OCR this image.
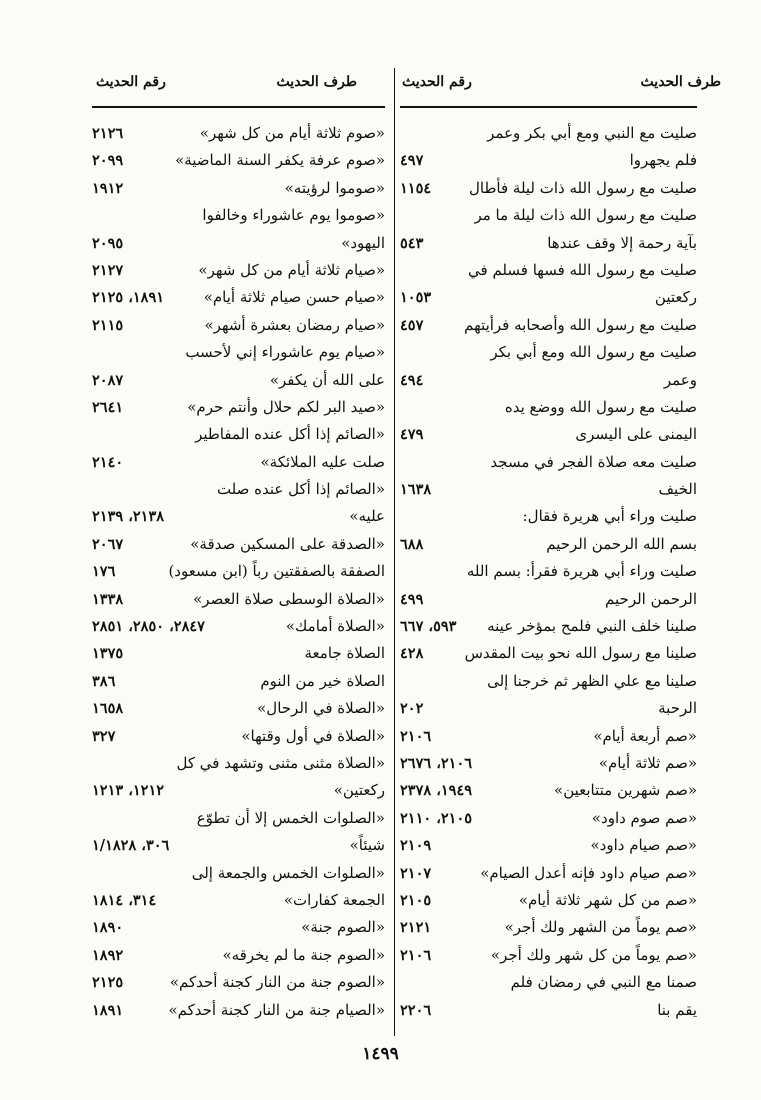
طرف الحديث
رقم الحديث
طرف الحديث
رقم الحديث
صليت مع النبي ومع أبي بكر وعمر
فلم يجهروا
٤٩٧
صليت مع رسول الله ذات ليلة فأطال
١١٥٤
صليت مع رسول الله ذات ليلة ما مر
بآية رحمة إلا وقف عندها
٥٤٣
صليت مع رسول الله فسها فسلم في
ركعتين
١٠٥٣
صليت مع رسول الله وأصحابه فرأيتهم
٤٥٧
صليت مع رسول الله ومع أبي بكر
وعمر
٤٩٤
صليت مع رسول الله ووضع يده
اليمنى على اليسرى
٤٧٩
صليت معه صلاة الفجر في مسجد
الخيف
١٦٣٨
صليت وراء أبي هريرة فقال:
بسم الله الرحمن الرحيم
٦٨٨
صليت وراء أبي هريرة فقرأ: بسم الله
الرحمن الرحيم
٤٩٩
صلينا خلف النبي فلمح بمؤخر عينه
٥٩٣، ٦٦٧
صلينا مع رسول الله نحو بيت المقدس
٤٢٨
صلينا مع علي الظهر ثم خرجنا إلى
الرحبة
٢٠٢
«صم أربعة أيام»
٢١٠٦
«صم ثلاثة أيام»
٢١٠٦، ٢٦٧٦
«صم شهرين متتابعين»
١٩٤٩، ٢٣٧٨
«صم صوم داود»
٢١٠٥، ٢١١٠
«صم صيام داود»
٢١٠٩
«صم صيام داود فإنه أعدل الصيام»
٢١٠٧
«صم من كل شهر ثلاثة أيام»
٢١٠٥
«صم يوماً من الشهر ولك أجر»
٢١٢١
«صم يوماً من كل شهر ولك أجر»
٢١٠٦
صمنا مع النبي في رمضان فلم
يقم بنا
٢٢٠٦
«صوم ثلاثة أيام من كل شهر»
٢١٢٦
«صوم عرفة يكفر السنة الماضية»
٢٠٩٩
«صوموا لرؤيته»
١٩١٢
«صوموا يوم عاشوراء وخالفوا
اليهود»
٢٠٩٥
«صيام ثلاثة أيام من كل شهر»
٢١٢٧
«صيام حسن صيام ثلاثة أيام»
١٨٩١، ٢١٢٥
«صيام رمضان بعشرة أشهر»
٢١١٥
«صيام يوم عاشوراء إني لأحسب
على الله أن يكفر»
٢٠٨٧
«صيد البر لكم حلال وأنتم حرم»
٢٦٤١
«الصائم إذا أكل عنده المفاطير
صلت عليه الملائكة»
٢١٤٠
«الصائم إذا أكل عنده صلت
عليه»
٢١٣٨، ٢١٣٩
«الصدقة على المسكين صدقة»
٢٠٦٧
الصفقة بالصفقتين رباً (ابن مسعود)
١٧٦
«الصلاة الوسطى صلاة العصر»
١٣٣٨
«الصلاة أمامك»
٢٨٤٧، ٢٨٥٠، ٢٨٥١
الصلاة جامعة
١٣٧٥
الصلاة خير من النوم
٣٨٦
«الصلاة في الرحال»
١٦٥٨
«الصلاة في أول وقتها»
٣٢٧
«الصلاة مثنى مثنى وتشهد في كل
ركعتين»
١٢١٢، ١٢١٣
«الصلوات الخمس إلا أن تطوّع
شيئاً»
٣٠٦، ١/١٨٢٨
«الصلوات الخمس والجمعة إلى
الجمعة كفارات»
٣١٤، ١٨١٤
«الصوم جنة»
١٨٩٠
«الصوم جنة ما لم يخرقه»
١٨٩٢
«الصوم جنة من النار كجنة أحدكم»
٢١٢٥
«الصيام جنة من النار كجنة أحدكم»
١٨٩١
١٤٩٩
